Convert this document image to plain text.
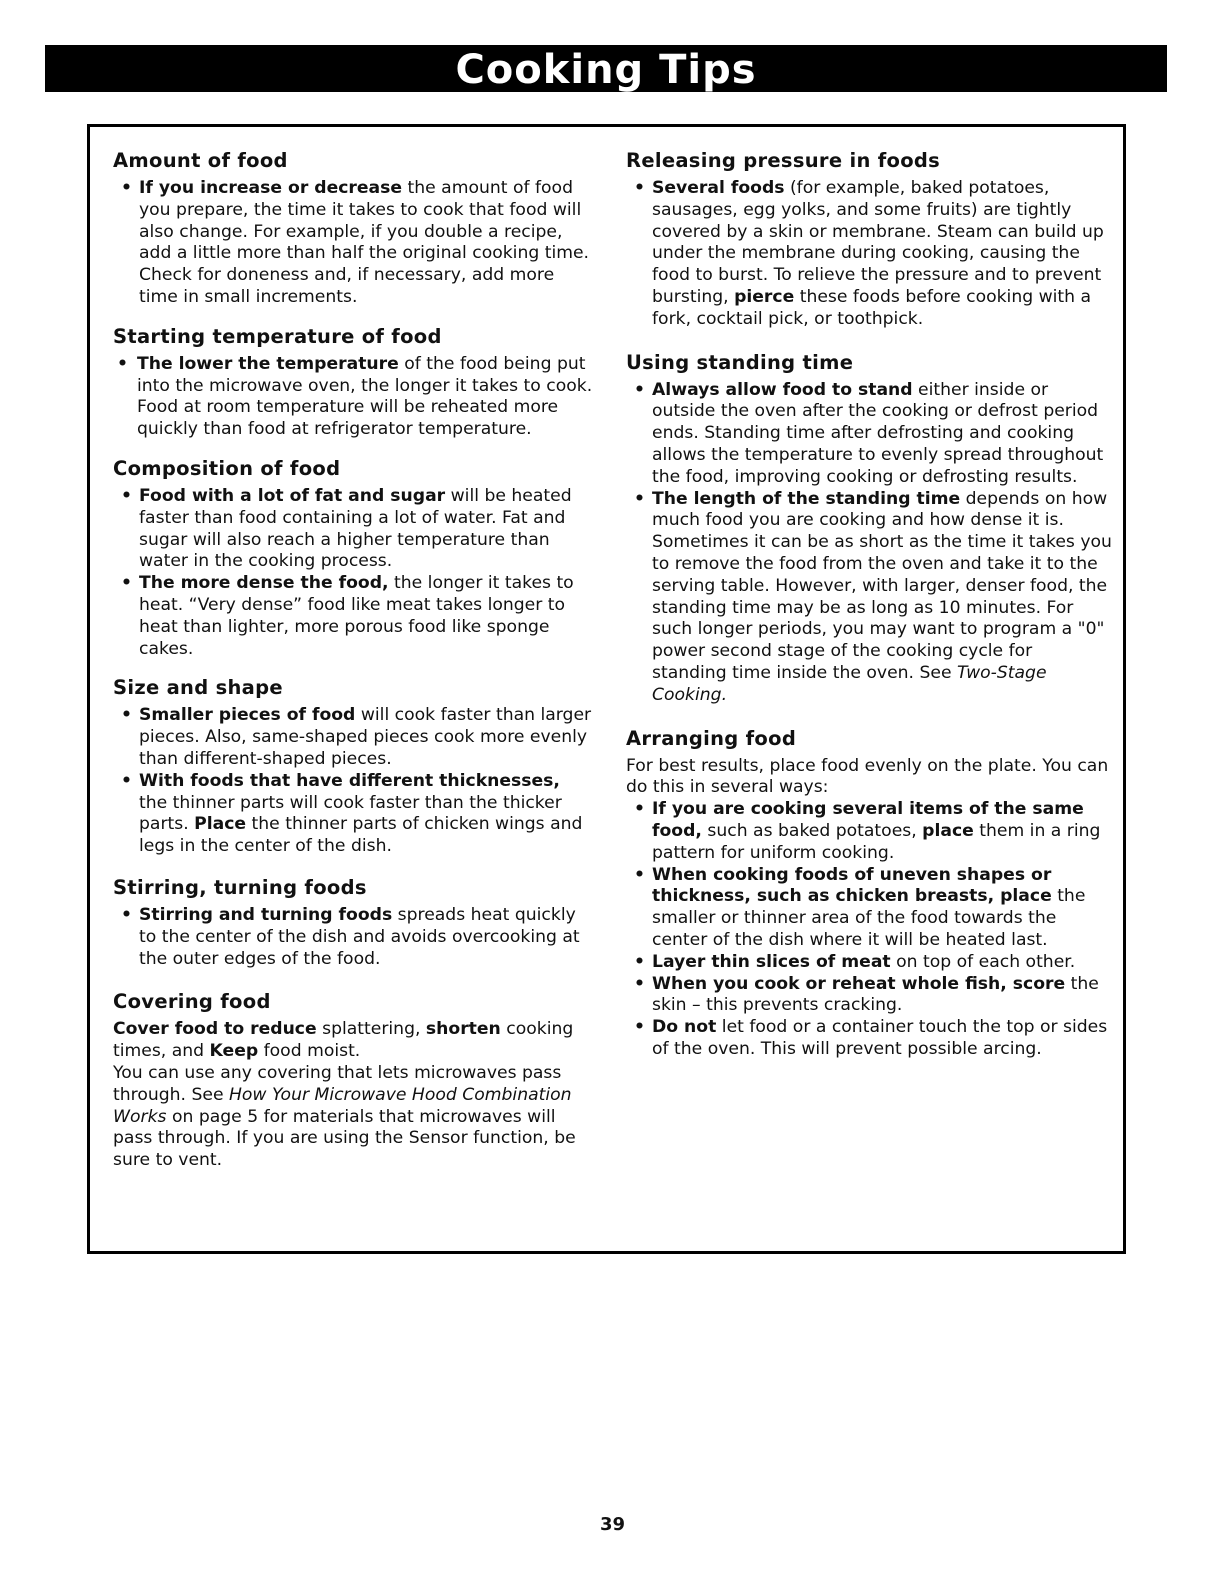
Cooking Tips
Amount of food
• If you increase or decrease the amount of food you prepare, the time it takes to cook that food will also change. For example, if you double a recipe, add a little more than half the original cooking time. Check for doneness and, if necessary, add more time in small increments.
Starting temperature of food
• The lower the temperature of the food being put into the microwave oven, the longer it takes to cook. Food at room temperature will be reheated more quickly than food at refrigerator temperature.
Composition of food
• Food with a lot of fat and sugar will be heated faster than food containing a lot of water. Fat and sugar will also reach a higher temperature than water in the cooking process.
• The more dense the food, the longer it takes to heat. “Very dense” food like meat takes longer to heat than lighter, more porous food like sponge cakes.
Size and shape
• Smaller pieces of food will cook faster than larger pieces. Also, same-shaped pieces cook more evenly than different-shaped pieces.
• With foods that have different thicknesses, the thinner parts will cook faster than the thicker parts. Place the thinner parts of chicken wings and legs in the center of the dish.
Stirring, turning foods
• Stirring and turning foods spreads heat quickly to the center of the dish and avoids overcooking at the outer edges of the food.
Covering food

Cover food to reduce splattering, shorten cooking times, and Keep food moist.

You can use any covering that lets microwaves pass through. See How Your Microwave Hood Combination Works on page 5 for materials that microwaves will pass through. If you are using the Sensor function, be sure to vent.

Releasing pressure in foods
• Several foods (for example, baked potatoes, sausages, egg yolks, and some fruits) are tightly covered by a skin or membrane. Steam can build up under the membrane during cooking, causing the food to burst. To relieve the pressure and to prevent bursting, pierce these foods before cooking with a fork, cocktail pick, or toothpick.
Using standing time
• Always allow food to stand either inside or outside the oven after the cooking or defrost period ends. Standing time after defrosting and cooking allows the temperature to evenly spread throughout the food, improving cooking or defrosting results.
• The length of the standing time depends on how much food you are cooking and how dense it is. Sometimes it can be as short as the time it takes you to remove the food from the oven and take it to the serving table. However, with larger, denser food, the standing time may be as long as 10 minutes. For such longer periods, you may want to program a "0" power second stage of the cooking cycle for standing time inside the oven. See Two-Stage Cooking.
Arranging food

For best results, place food evenly on the plate. You can do this in several ways:

• If you are cooking several items of the same food, such as baked potatoes, place them in a ring pattern for uniform cooking.
• When cooking foods of uneven shapes or thickness, such as chicken breasts, place the smaller or thinner area of the food towards the center of the dish where it will be heated last.
• Layer thin slices of meat on top of each other.
• When you cook or reheat whole fish, score the skin – this prevents cracking.
• Do not let food or a container touch the top or sides of the oven. This will prevent possible arcing.
39
